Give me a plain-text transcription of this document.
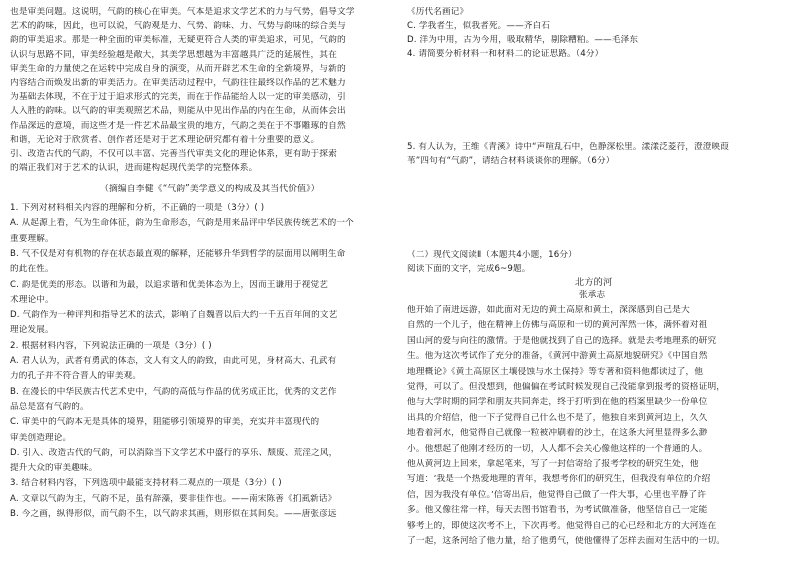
也是审美问题。这说明，气韵的核心在审美。气本是追求文学艺术的力与气势，倡导文学
艺术的韵味，因此，也可以说，气韵观是力、气势、韵味、力、气势与韵味的综合美与
韵的审美追求。那是一种全面的审美标准，无疑更符合人类的审美追求，可见，气韵的
认识与思路不同，审美经验越是敞大，其美学思想越为丰富越具广泛的延展性，其在
审美生命的力量使之在运转中完成自身的演变，从而开辟艺术生命的全新境界，与新的
内容结合而焕发出新的审美活力。在审美活动过程中，气韵往往最终以作品的艺术魅力
为基础去体现，不在于过于追求形式的完美，而在于作品能给人以一定的审美感动，引
人入胜的韵味。以气韵的审美观照艺术品，则能从中见出作品的内在生命，从而体会出
作品深远的意境，而这些才是一件艺术品最宝贵的地方，气韵之美在于不事雕琢的自然
和谐，无论对于欣赏者、创作者还是对于艺术理论研究都有着十分重要的意义。
引、改造古代的气韵，不仅可以丰富、完善当代审美文化的理论体系，更有助于探索
的端正我们对于艺术的认识，进而建构起现代美学的完整体系。
（摘编自李健《“气韵”美学意义的构成及其当代价值》）
1. 下列对材料相关内容的理解和分析，不正确的一项是（3分）( )
A. 从起源上看，气为生命体征，韵为生命形态，气韵是用来品评中华民族传统艺术的一个
重要理解。
B. 气不仅是对有机物的存在状态最直观的解释，还能够升华到哲学的层面用以阐明生命
的此在性。
C. 韵是优美的形态。以谐和为最，以追求谐和优美体态为上，因而王谦用于视觉艺
术理论中。
D. 气韵作为一种评判和指导艺术的法式，影响了自魏晋以后大约一千五百年间的文艺
理论发展。
2. 根据材料内容，下列说法正确的一项是（3分）( )
A. 君人认为，武者有勇武的体态，文人有文人的韵致，由此可见，身材高大、孔武有
力的孔子并不符合晋人的审美观。
B. 在漫长的中华民族古代艺术史中，气韵的高低与作品的优劣成正比，优秀的文艺作
品总是富有气韵的。
C. 审美中的气韵本无是具体的境界，阻能够引领境界的审美，充实并丰富现代的
审美创造理论。
D. 引入、改造古代的气韵，可以消除当下文学艺术中盛行的享乐、颓废、荒淫之风，
提升大众的审美趣味。
3. 结合材料内容，下列选项中最能支持材料二观点的一项是（3分）( )
A. 文章以气韵为主，气韵不足，虽有辞藻，要非佳作也。——南宋陈善《扪虱新话》
B. 今之画，纵得形似，而气韵不生，以气韵求其画，则形似在其间矣。——唐张彦远
《历代名画记》
C. 学我者生，似我者死。——齐白石
D. 洋为中用，古为今用，吸取精华，剔除糟粕。——毛泽东
4. 请简要分析材料一和材料二的论证思路。（4分）
5. 有人认为，王维《青溪》诗中“声喧乱石中，色静深松里。漾漾泛菱荇，澄澄映葭
苇”四句有“气韵”，请结合材料谈谈你的理解。（6分）
（二）现代文阅读Ⅱ（本题共4小题，16分）
阅读下面的文字，完成6~9题。
北方的河
张承志
他开始了南进远游，如此面对无边的黄土高原和黄土，深深感到自己是大
自然的一个儿子，他在精神上仿佛与高原和一切的黄河浑然一体，满怀着对祖
国山河的爱与向往的激情。于是他就找到了自己的选择。就是去考地理系的研究
生。他为这次考试作了充分的准备，《黄河中游黄土高原地貌研究》《中国自然
地理概论》《黄土高原区土壤侵蚀与水土保持》等专著和资料他都读过了，他
觉得，可以了。但没想到，他偏偏在考试时候发现自己没能拿到报考的资格证明，
他与大学时期的同学和朋友共同奔走，终于打听到在他的档案里缺少一份单位
出具的介绍信，他一下子觉得自己什么也不是了，他独自来到黄河边上，久久
地看着河水，他觉得自己就像一粒被冲刷着的沙土，在这条大河里显得多么渺
小。他想起了他刚才经历的一切，人人都不会关心像他这样的一个普通的人。
他从黄河边上回来，拿起笔来，写了一封信寄给了报考学校的研究生处，他
写道：‘我是一个热爱地理的青年，我想考你们的研究生，但我没有单位的介绍
信，因为我没有单位。’信寄出后，他觉得自己做了一件大事，心里也平静了许
多。他又像往常一样，每天去图书馆看书，为考试做准备，他坚信自己一定能
够考上的，即使这次考不上，下次再考。他觉得自己的心已经和北方的大河连在
了一起，这条河给了他力量，给了他勇气，使他懂得了怎样去面对生活中的一切。
